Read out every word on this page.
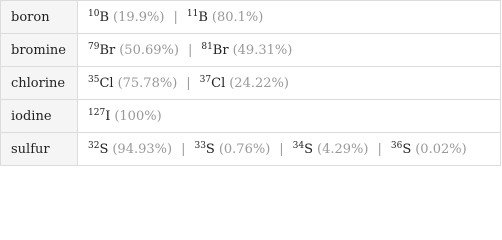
boron	$^{10}$B (19.9%) | $^{11}$B (80.1%)
bromine	$^{79}$Br (50.69%) | $^{81}$Br (49.31%)
chlorine	$^{35}$Cl (75.78%) | $^{37}$Cl (24.22%)
iodine	$^{127}$I (100%)
sulfur	$^{32}$S (94.93%) | $^{33}$S (0.76%) | $^{34}$S (4.29%) | $^{36}$S (0.02%)
